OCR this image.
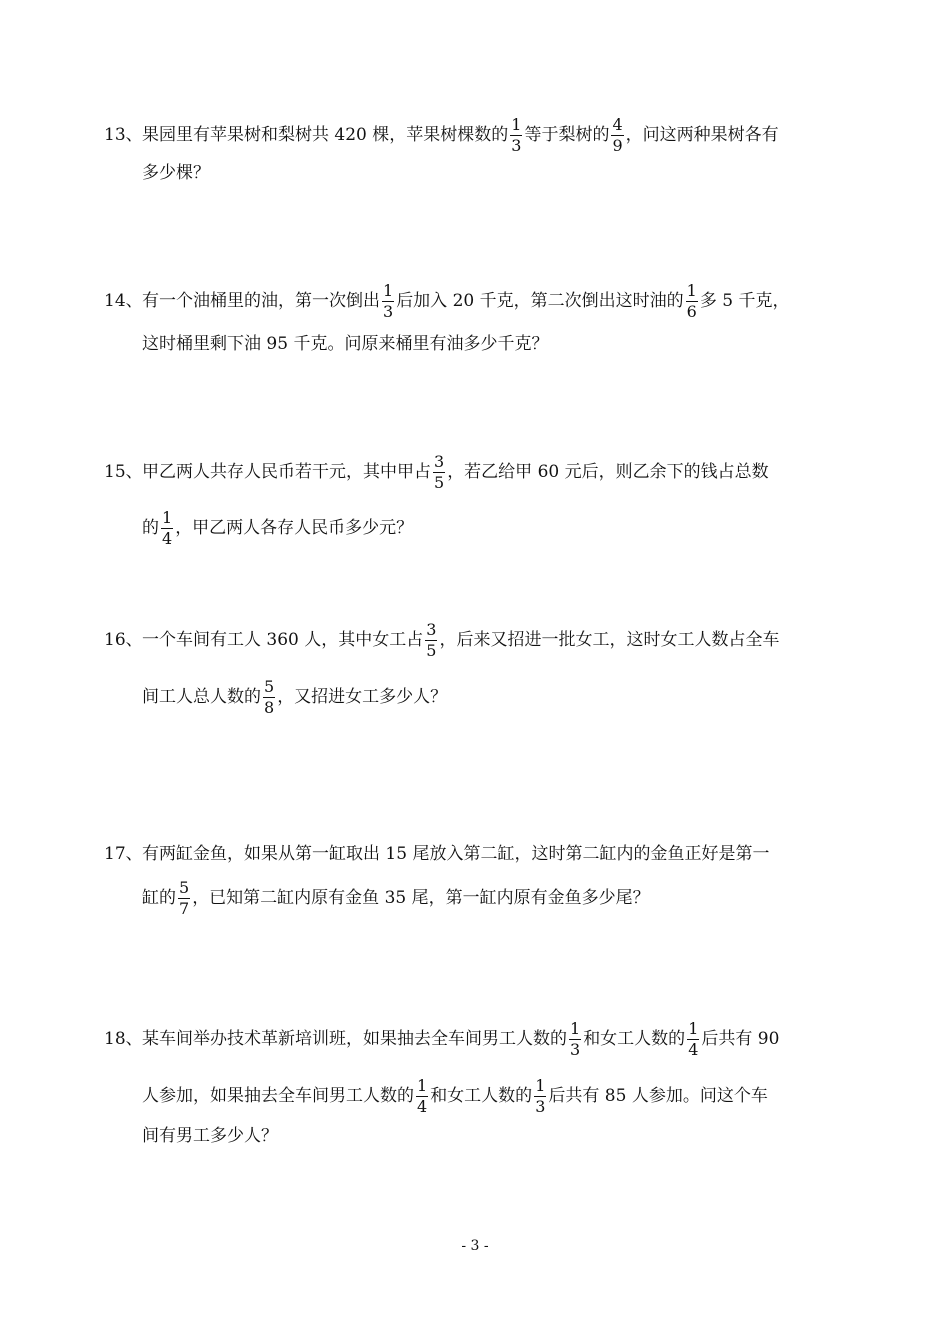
13、果园里有苹果树和梨树共 420 棵，苹果树棵数的 $\frac{1}{3}$ 等于梨树的 $\frac{4}{9}$ ，问这两种果树各有
多少棵？
14、有一个油桶里的油，第一次倒出 $\frac{1}{3}$ 后加入 20 千克，第二次倒出这时油的 $\frac{1}{6}$ 多 5 千克，
这时桶里剩下油 95 千克。问原来桶里有油多少千克？
15、甲乙两人共存人民币若干元，其中甲占 $\frac{3}{5}$ ，若乙给甲 60 元后，则乙余下的钱占总数
的 $\frac{1}{4}$ ，甲乙两人各存人民币多少元？
16、一个车间有工人 360 人，其中女工占 $\frac{3}{5}$ ，后来又招进一批女工，这时女工人数占全车
间工人总人数的 $\frac{5}{8}$ ，又招进女工多少人？
17、有两缸金鱼，如果从第一缸取出 15 尾放入第二缸，这时第二缸内的金鱼正好是第一
缸的 $\frac{5}{7}$ ，已知第二缸内原有金鱼 35 尾，第一缸内原有金鱼多少尾？
18、某车间举办技术革新培训班，如果抽去全车间男工人数的 $\frac{1}{3}$ 和女工人数的 $\frac{1}{4}$ 后共有 90
人参加，如果抽去全车间男工人数的 $\frac{1}{4}$ 和女工人数的 $\frac{1}{3}$ 后共有 85 人参加。问这个车
间有男工多少人？
- 3 -
